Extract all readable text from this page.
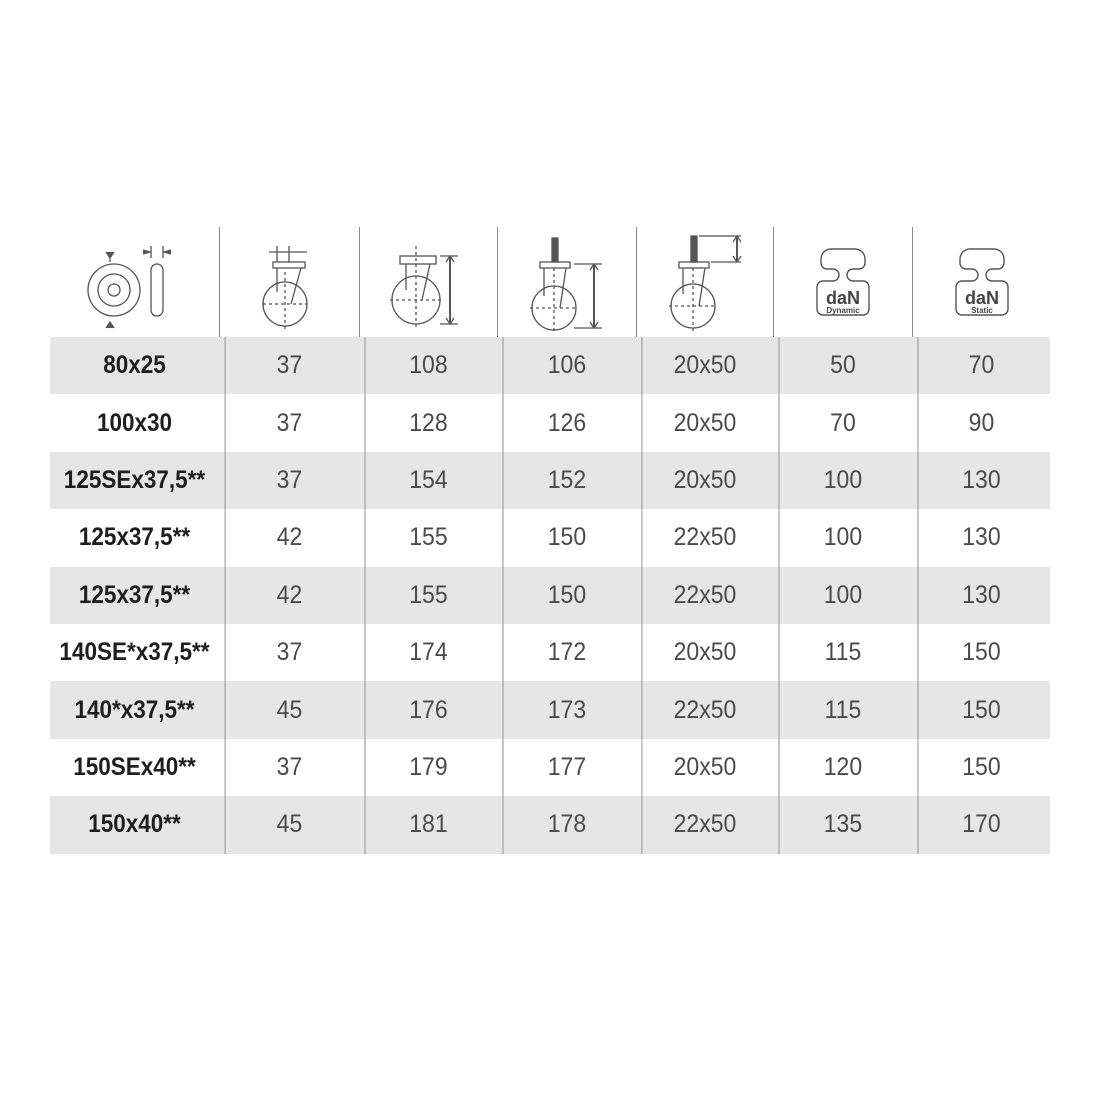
daN
Dynamic
daN
Static
80x25	37	108	106	20x50	50	70
100x30	37	128	126	20x50	70	90
125SEx37,5**	37	154	152	20x50	100	130
125x37,5**	42	155	150	22x50	100	130
125x37,5**	42	155	150	22x50	100	130
140SE*x37,5**	37	174	172	20x50	115	150
140*x37,5**	45	176	173	22x50	115	150
150SEx40**	37	179	177	20x50	120	150
150x40**	45	181	178	22x50	135	170
